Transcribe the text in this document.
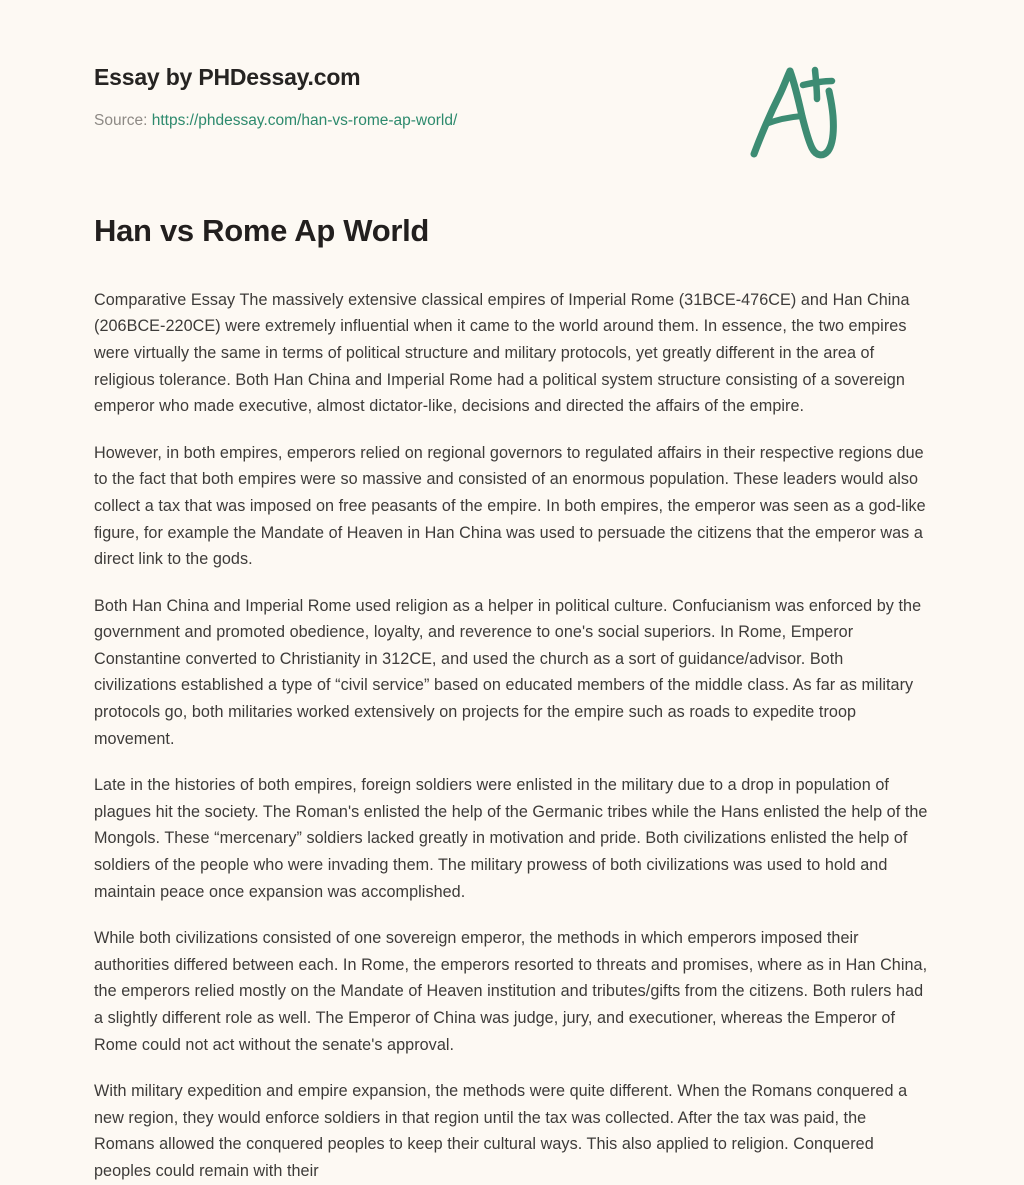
Essay by PHDessay.com

Source: https://phdessay.com/han-vs-rome-ap-world/

Han vs Rome Ap World

Comparative Essay The massively extensive classical empires of Imperial Rome (31BCE-476CE) and Han China (206BCE-220CE) were extremely influential when it came to the world around them. In essence, the two empires were virtually the same in terms of political structure and military protocols, yet greatly different in the area of religious tolerance. Both Han China and Imperial Rome had a political system structure consisting of a sovereign emperor who made executive, almost dictator-like, decisions and directed the affairs of the empire.

However, in both empires, emperors relied on regional governors to regulated affairs in their respective regions due to the fact that both empires were so massive and consisted of an enormous population. These leaders would also collect a tax that was imposed on free peasants of the empire. In both empires, the emperor was seen as a god-like figure, for example the Mandate of Heaven in Han China was used to persuade the citizens that the emperor was a direct link to the gods.

Both Han China and Imperial Rome used religion as a helper in political culture. Confucianism was enforced by the government and promoted obedience, loyalty, and reverence to one's social superiors. In Rome, Emperor Constantine converted to Christianity in 312CE, and used the church as a sort of guidance/advisor. Both civilizations established a type of “civil service” based on educated members of the middle class. As far as military protocols go, both militaries worked extensively on projects for the empire such as roads to expedite troop movement.

Late in the histories of both empires, foreign soldiers were enlisted in the military due to a drop in population of plagues hit the society. The Roman's enlisted the help of the Germanic tribes while the Hans enlisted the help of the Mongols. These “mercenary” soldiers lacked greatly in motivation and pride. Both civilizations enlisted the help of soldiers of the people who were invading them. The military prowess of both civilizations was used to hold and maintain peace once expansion was accomplished.

While both civilizations consisted of one sovereign emperor, the methods in which emperors imposed their authorities differed between each. In Rome, the emperors resorted to threats and promises, where as in Han China, the emperors relied mostly on the Mandate of Heaven institution and tributes/gifts from the citizens. Both rulers had a slightly different role as well. The Emperor of China was judge, jury, and executioner, whereas the Emperor of Rome could not act without the senate's approval.

With military expedition and empire expansion, the methods were quite different. When the Romans conquered a new region, they would enforce soldiers in that region until the tax was collected. After the tax was paid, the Romans allowed the conquered peoples to keep their cultural ways. This also applied to religion. Conquered peoples could remain with their
